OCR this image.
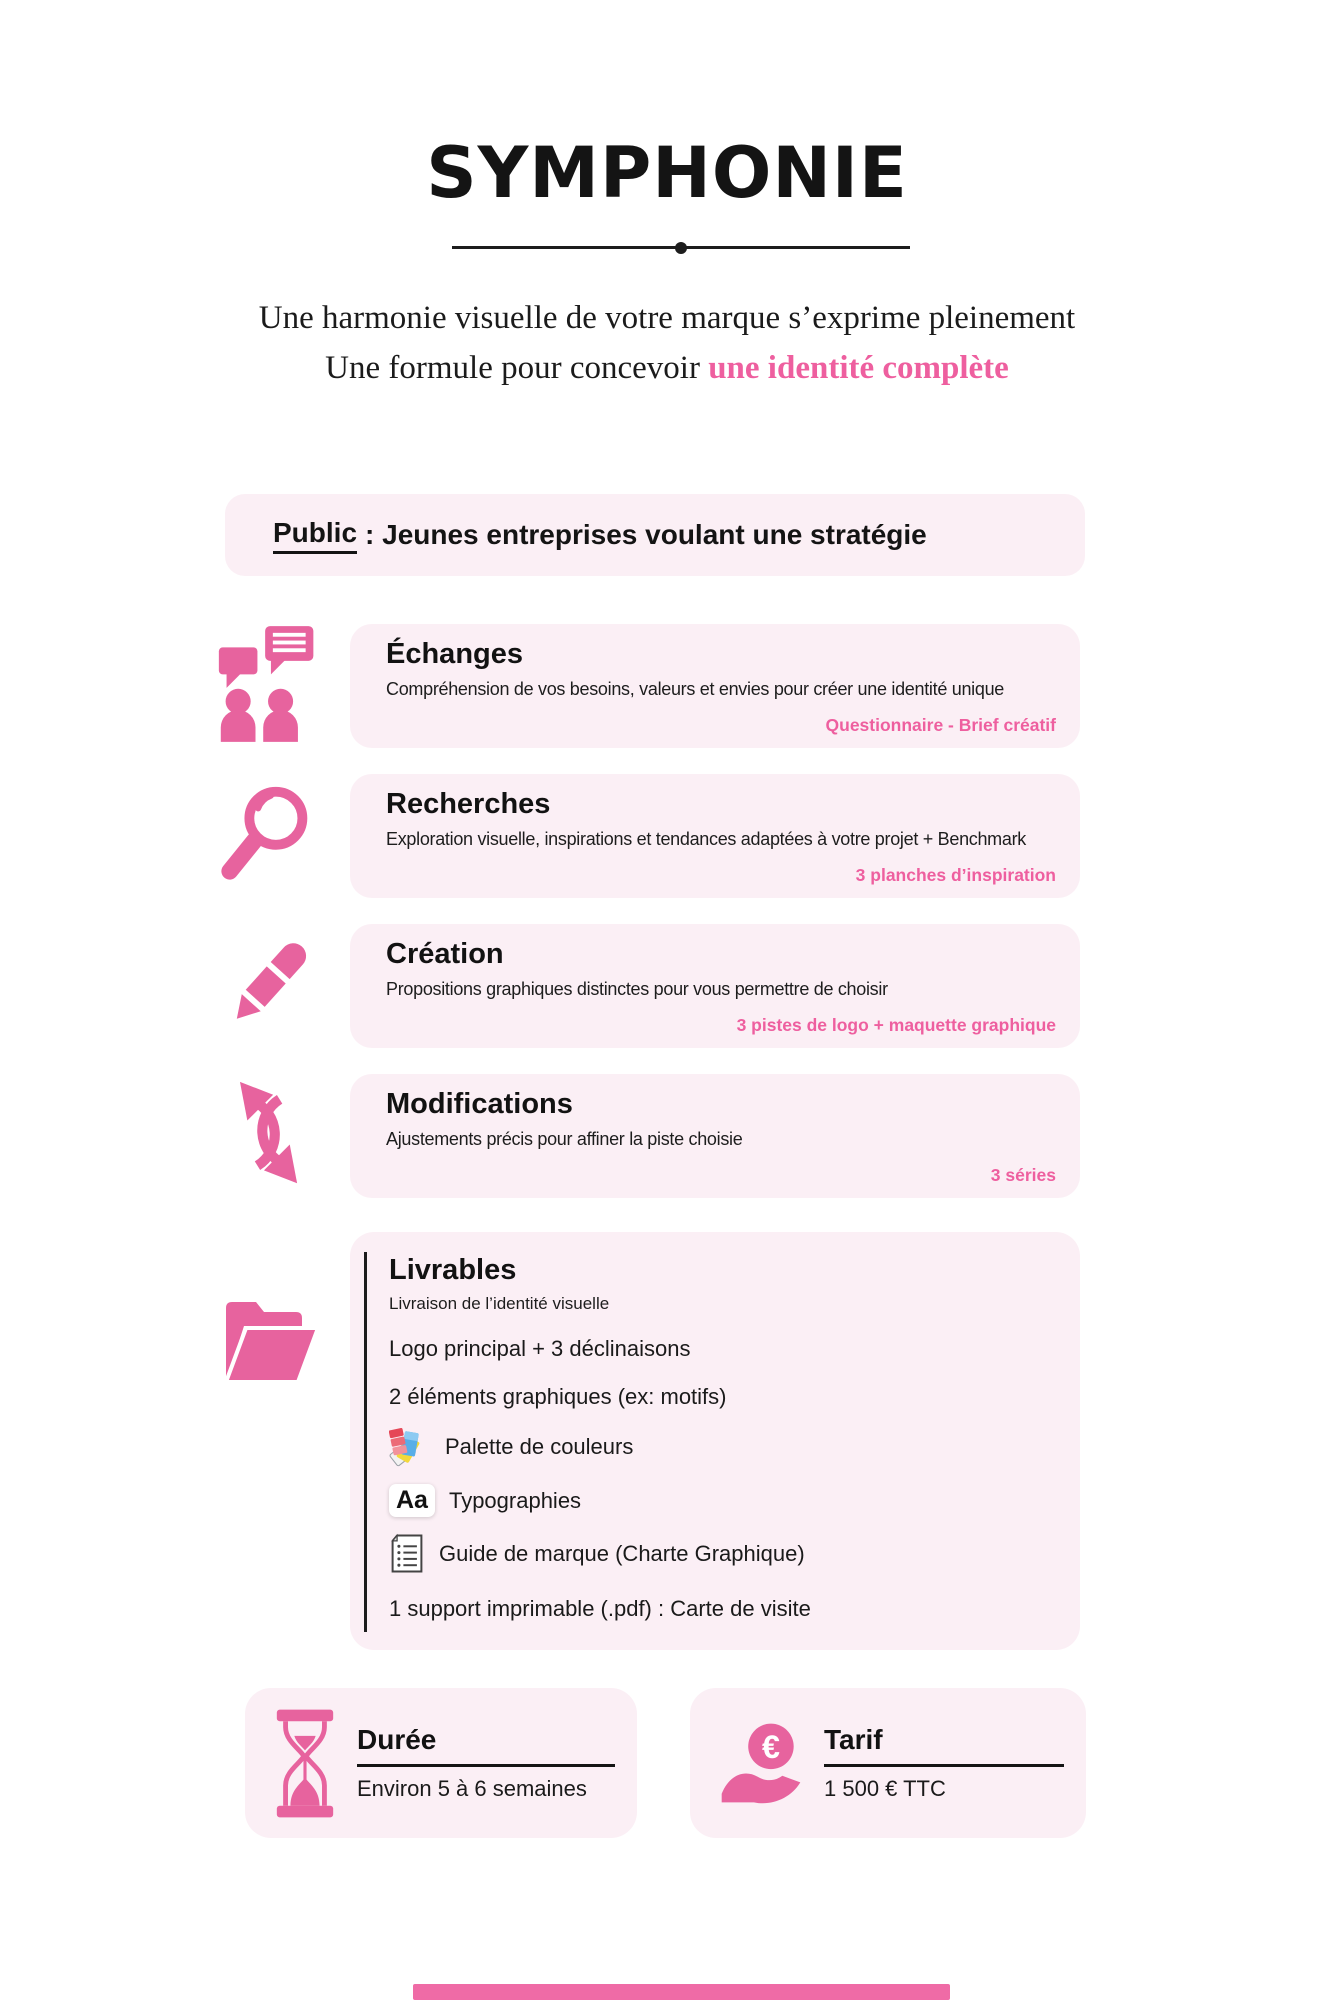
SYMPHONIE

Une harmonie visuelle de votre marque s’exprime pleinement

Une formule pour concevoir une identité complète

Public :
Jeunes entreprises voulant une stratégie
Échanges
Compréhension de vos besoins, valeurs et envies pour créer une identité unique
Questionnaire - Brief créatif
Recherches
Exploration visuelle, inspirations et tendances adaptées à votre projet + Benchmark
3 planches d’inspiration
Création
Propositions graphiques distinctes pour vous permettre de choisir
3 pistes de logo + maquette graphique
Modifications
Ajustements précis pour affiner la piste choisie
3 séries
Livrables
Livraison de l’identité visuelle
Logo principal + 3 déclinaisons
2 éléments graphiques (ex: motifs)
Palette de couleurs
Aa Typographies
Guide de marque (Charte Graphique)
1 support imprimable (.pdf) : Carte de visite
Durée
Environ 5 à 6 semaines
€ Tarif
1 500 € TTC
